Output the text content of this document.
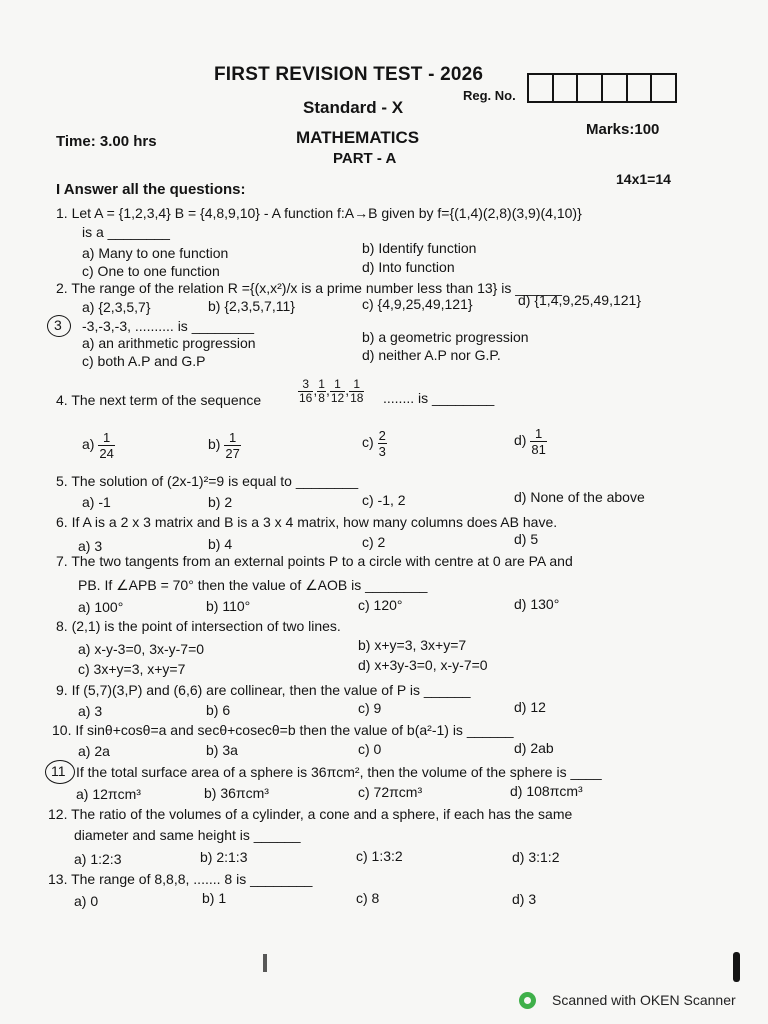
FIRST REVISION TEST - 2026
Reg. No.
Standard - X
Time: 3.00 hrs	MATHEMATICS	Marks:100
PART - A
14x1=14
I Answer all the questions:
1. Let A = {1,2,3,4} B = {4,8,9,10} - A function f:A→B given by f={(1,4)(2,8)(3,9)(4,10)}
is a ________
a) Many to one function	b) Identify function
c) One to one function	d) Into function
2. The range of the relation R ={(x,x²)/x is a prime number less than 13} is ______
a) {2,3,5,7}	b) {2,3,5,7,11}	c) {4,9,25,49,121}	d) {1,4,9,25,49,121}
3 -3,-3,-3, .......... is ________
a) an arithmetic progression	b) a geometric progression
c) both A.P and G.P	d) neither A.P nor G.P.
4. The next term of the sequence	$\frac{3}{16}$ , $\frac{1}{8}$ , $\frac{1}{12}$ , $\frac{1}{18}$ ........ is ________
$a) \frac{1}{24}$	$b) \frac{1}{27}$	$c) \frac{2}{3}$	$d) \frac{1}{81}$
5. The solution of (2x-1)²=9 is equal to ________
a) -1	b) 2	c) -1, 2	d) None of the above
6. If A is a 2 x 3 matrix and B is a 3 x 4 matrix, how many columns does AB have.
a) 3	b) 4	c) 2	d) 5
7. The two tangents from an external points P to a circle with centre at 0 are PA and
PB. If ∠APB = 70° then the value of ∠AOB is ________
a) 100°	b) 110°	c) 120°	d) 130°
8. (2,1) is the point of intersection of two lines.
a) x-y-3=0, 3x-y-7=0	b) x+y=3, 3x+y=7
c) 3x+y=3, x+y=7	d) x+3y-3=0, x-y-7=0
9. If (5,7)(3,P) and (6,6) are collinear, then the value of P is ______
a) 3	b) 6	c) 9	d) 12
10. If sinθ+cosθ=a and secθ+cosecθ=b then the value of b(a²-1) is ______
a) 2a	b) 3a	c) 0	d) 2ab
11 If the total surface area of a sphere is 36πcm², then the volume of the sphere is ____
a) 12πcm³	b) 36πcm³	c) 72πcm³	d) 108πcm³
12. The ratio of the volumes of a cylinder, a cone and a sphere, if each has the same
diameter and same height is ______
a) 1:2:3	b) 2:1:3	c) 1:3:2	d) 3:1:2
13. The range of 8,8,8, ....... 8 is ________
a) 0	b) 1	c) 8	d) 3
Scanned with OKEN Scanner
